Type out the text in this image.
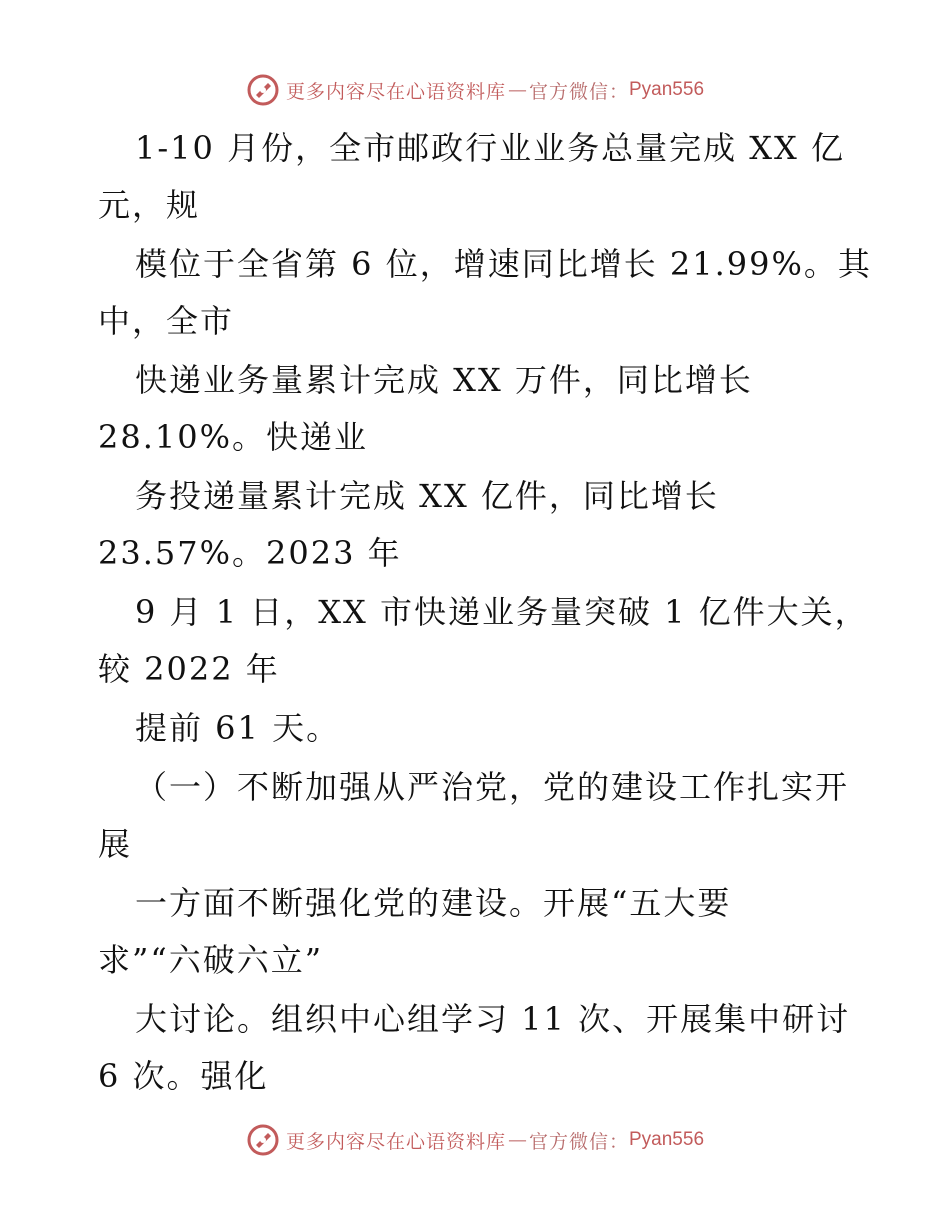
更多内容尽在心语资料库 — 官方微信： Pyan556
1-10 月份，全市邮政行业业务总量完成 XX 亿
元，规
模位于全省第 6 位，增速同比增长 21.99%。其
中，全市
快递业务量累计完成 XX 万件，同比增长
28.10%。快递业
务投递量累计完成 XX 亿件，同比增长
23.57%。2023 年
9 月 1 日，XX 市快递业务量突破 1 亿件大关，
较 2022 年
提前 61 天。
（一）不断加强从严治党，党的建设工作扎实开
展
一方面不断强化党的建设。开展“五大要
求”“六破六立”
大讨论。组织中心组学习 11 次、开展集中研讨
6 次。强化
更多内容尽在心语资料库 — 官方微信： Pyan556
